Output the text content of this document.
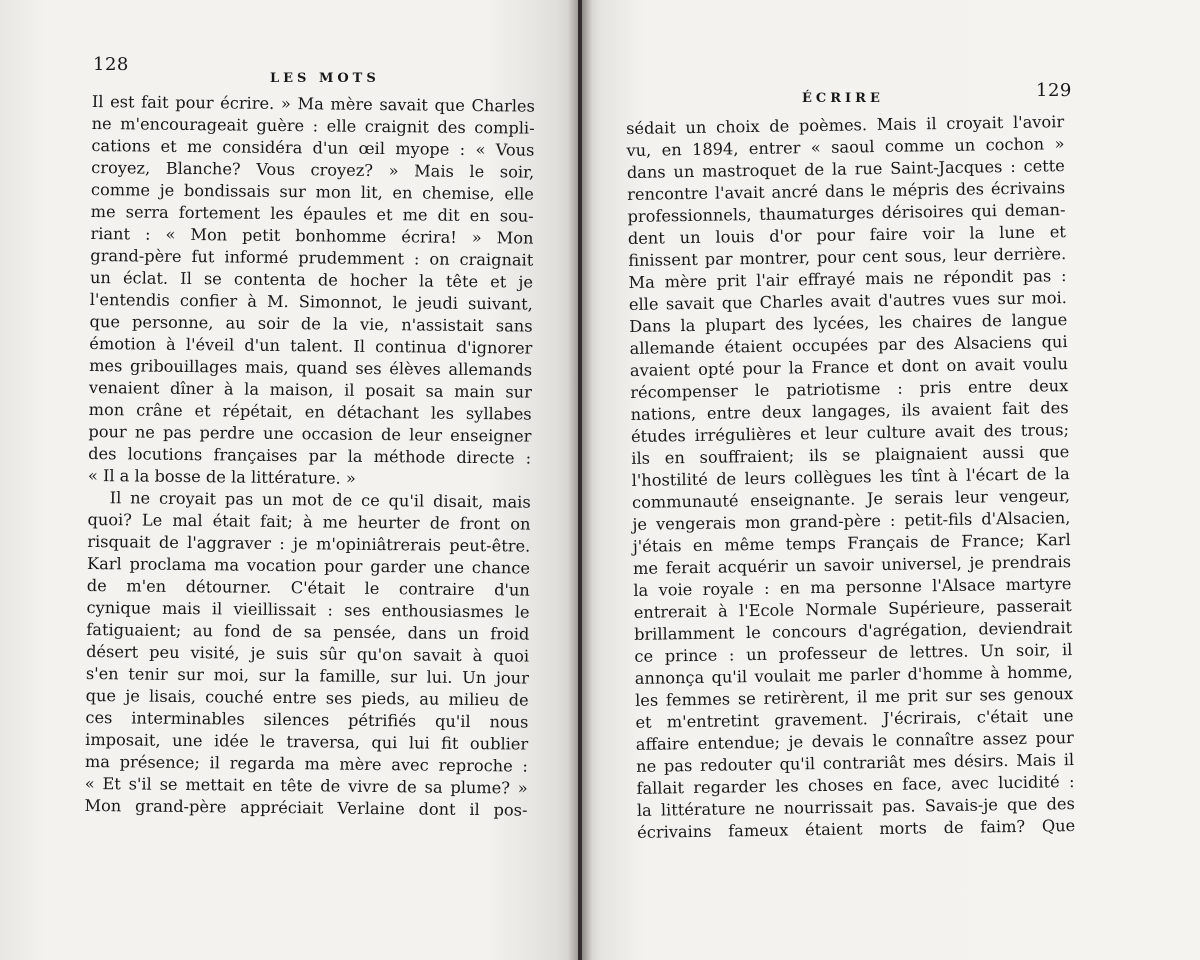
128
LES MOTS
Il est fait pour écrire. » Ma mère savait que Charles
ne m'encourageait guère : elle craignit des compli-
cations et me considéra d'un œil myope : « Vous
croyez, Blanche? Vous croyez? » Mais le soir,
comme je bondissais sur mon lit, en chemise, elle
me serra fortement les épaules et me dit en sou-
riant : « Mon petit bonhomme écrira! » Mon
grand-père fut informé prudemment : on craignait
un éclat. Il se contenta de hocher la tête et je
l'entendis confier à M. Simonnot, le jeudi suivant,
que personne, au soir de la vie, n'assistait sans
émotion à l'éveil d'un talent. Il continua d'ignorer
mes gribouillages mais, quand ses élèves allemands
venaient dîner à la maison, il posait sa main sur
mon crâne et répétait, en détachant les syllabes
pour ne pas perdre une occasion de leur enseigner
des locutions françaises par la méthode directe :
« Il a la bosse de la littérature. »
Il ne croyait pas un mot de ce qu'il disait, mais
quoi? Le mal était fait; à me heurter de front on
risquait de l'aggraver : je m'opiniâtrerais peut-être.
Karl proclama ma vocation pour garder une chance
de m'en détourner. C'était le contraire d'un
cynique mais il vieillissait : ses enthousiasmes le
fatiguaient; au fond de sa pensée, dans un froid
désert peu visité, je suis sûr qu'on savait à quoi
s'en tenir sur moi, sur la famille, sur lui. Un jour
que je lisais, couché entre ses pieds, au milieu de
ces interminables silences pétrifiés qu'il nous
imposait, une idée le traversa, qui lui fit oublier
ma présence; il regarda ma mère avec reproche :
« Et s'il se mettait en tête de vivre de sa plume? »
Mon grand-père appréciait Verlaine dont il pos-
ÉCRIRE	129
sédait un choix de poèmes. Mais il croyait l'avoir
vu, en 1894, entrer « saoul comme un cochon »
dans un mastroquet de la rue Saint-Jacques : cette
rencontre l'avait ancré dans le mépris des écrivains
professionnels, thaumaturges dérisoires qui deman-
dent un louis d'or pour faire voir la lune et
finissent par montrer, pour cent sous, leur derrière.
Ma mère prit l'air effrayé mais ne répondit pas :
elle savait que Charles avait d'autres vues sur moi.
Dans la plupart des lycées, les chaires de langue
allemande étaient occupées par des Alsaciens qui
avaient opté pour la France et dont on avait voulu
récompenser le patriotisme : pris entre deux
nations, entre deux langages, ils avaient fait des
études irrégulières et leur culture avait des trous;
ils en souffraient; ils se plaignaient aussi que
l'hostilité de leurs collègues les tînt à l'écart de la
communauté enseignante. Je serais leur vengeur,
je vengerais mon grand-père : petit-fils d'Alsacien,
j'étais en même temps Français de France; Karl
me ferait acquérir un savoir universel, je prendrais
la voie royale : en ma personne l'Alsace martyre
entrerait à l'Ecole Normale Supérieure, passerait
brillamment le concours d'agrégation, deviendrait
ce prince : un professeur de lettres. Un soir, il
annonça qu'il voulait me parler d'homme à homme,
les femmes se retirèrent, il me prit sur ses genoux
et m'entretint gravement. J'écrirais, c'était une
affaire entendue; je devais le connaître assez pour
ne pas redouter qu'il contrariât mes désirs. Mais il
fallait regarder les choses en face, avec lucidité :
la littérature ne nourrissait pas. Savais-je que des
écrivains fameux étaient morts de faim? Que
